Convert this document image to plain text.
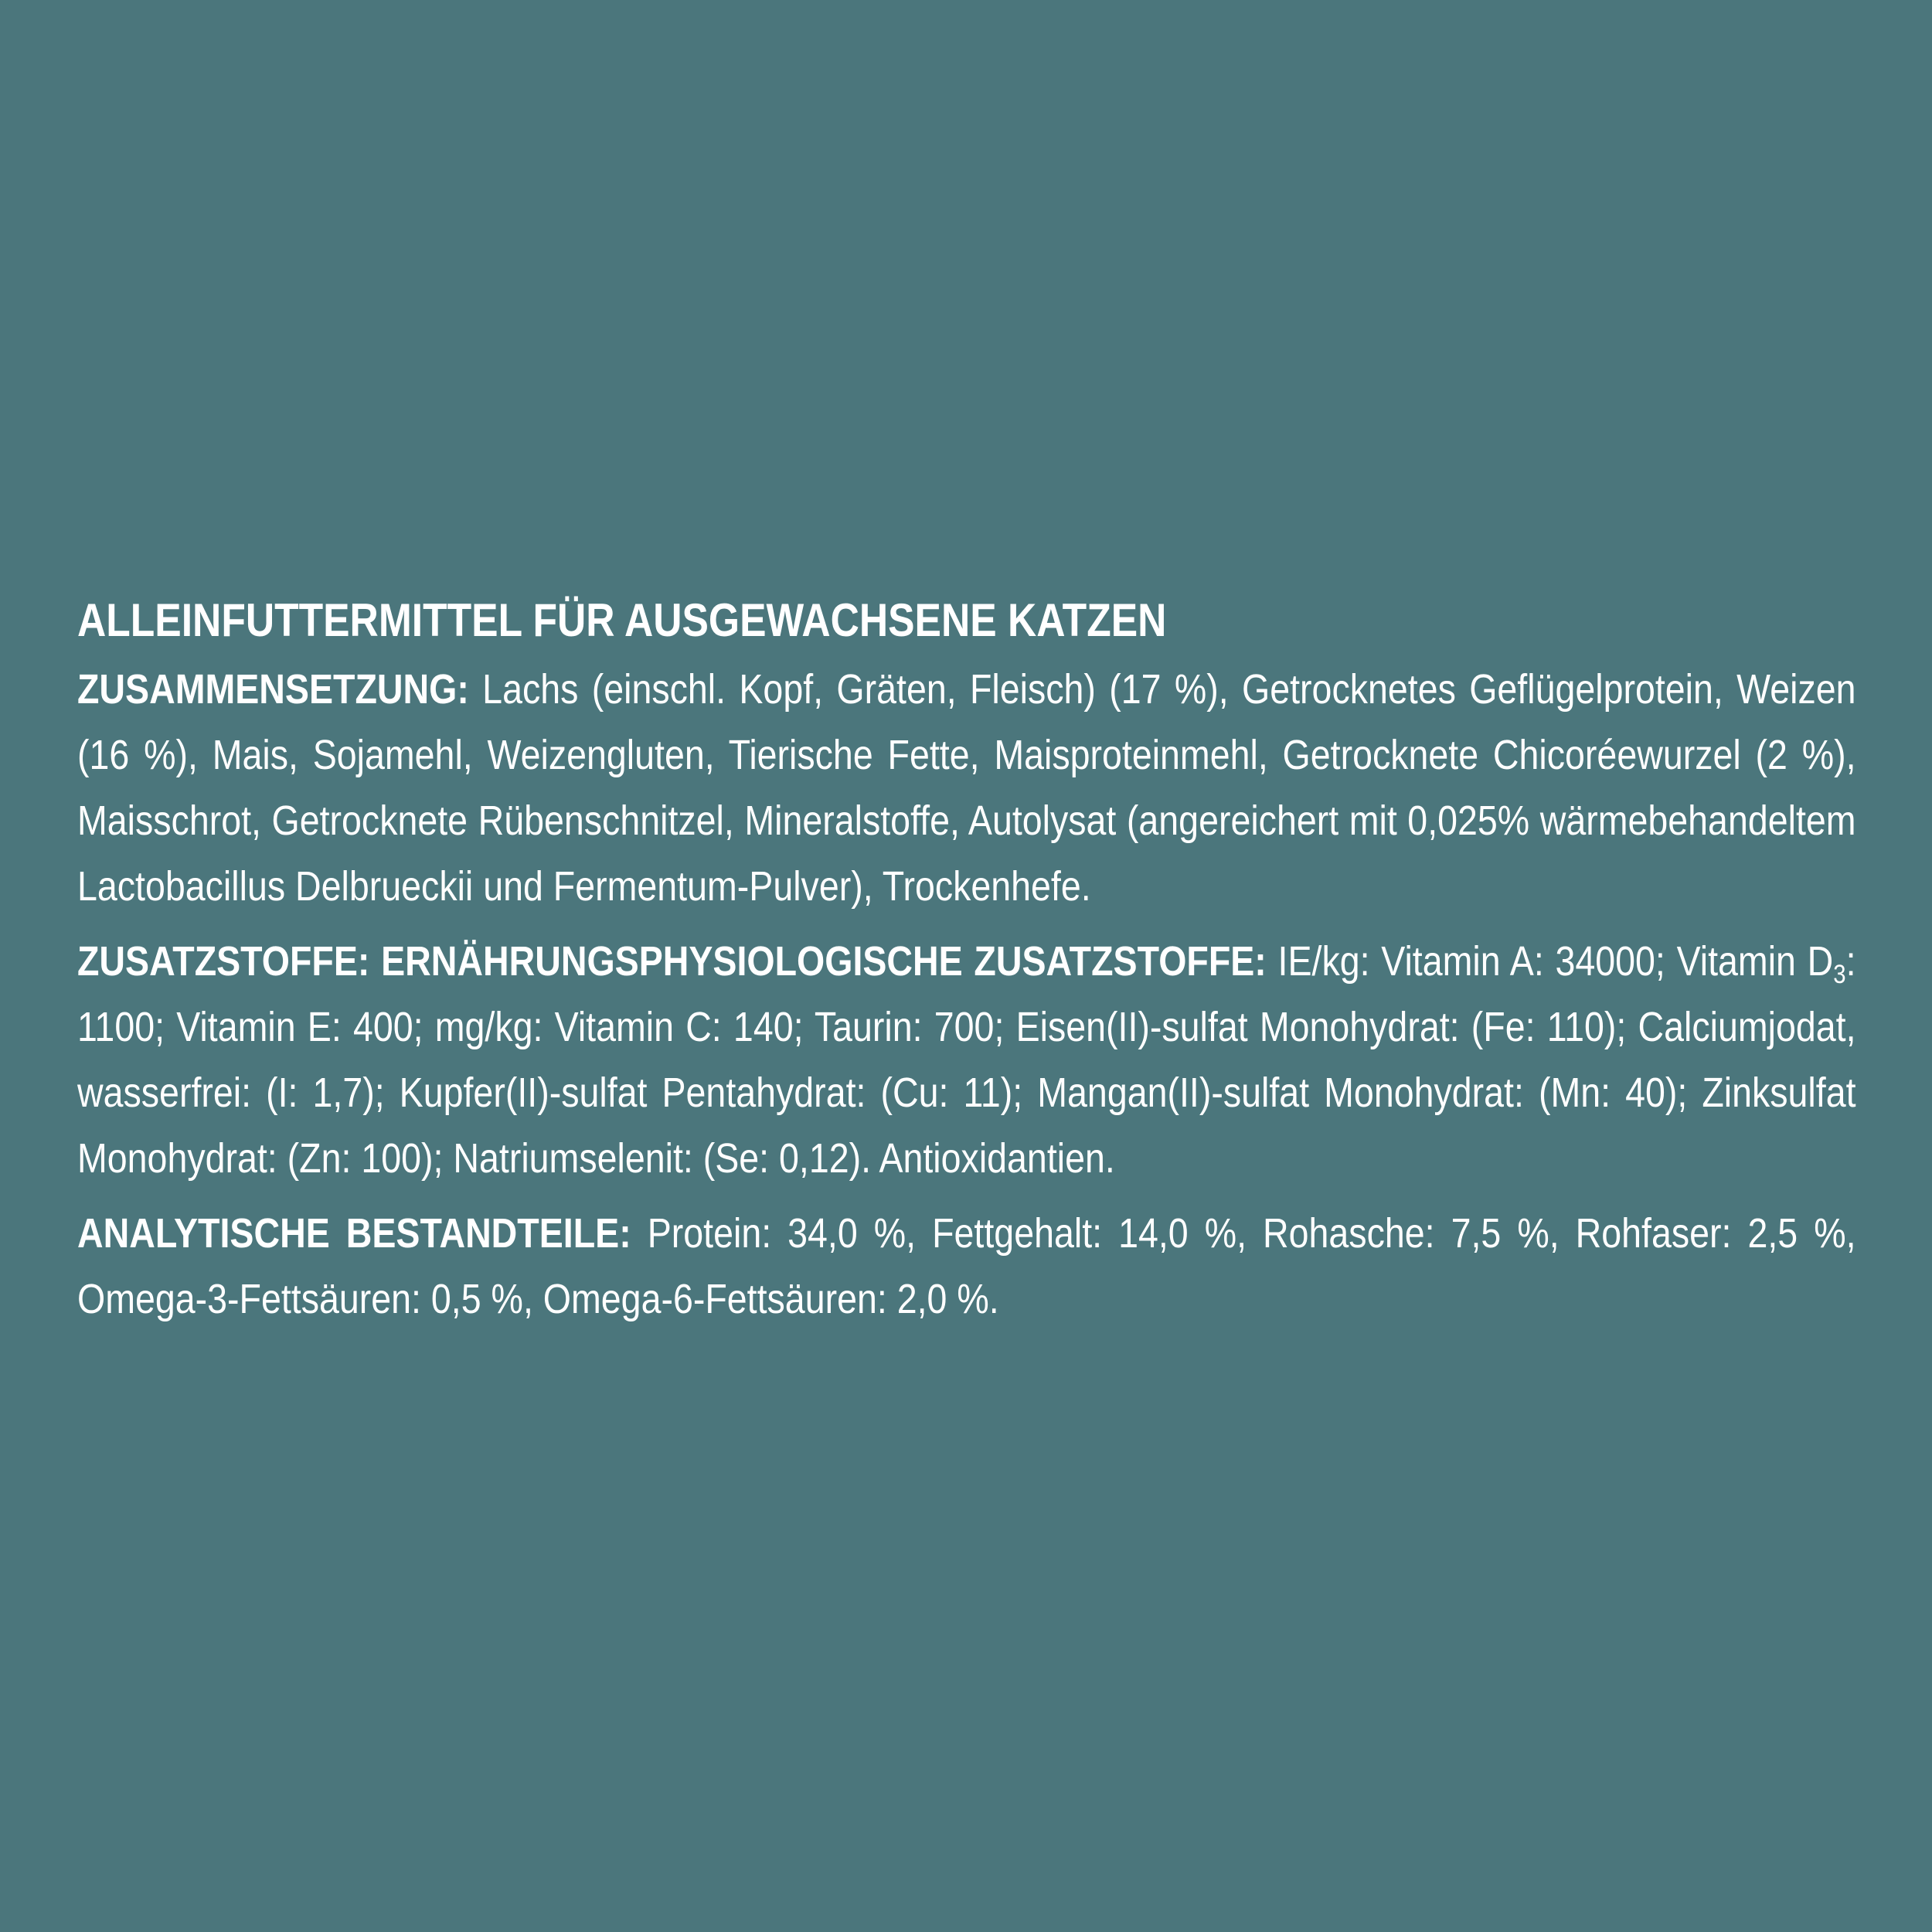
ALLEINFUTTERMITTEL FÜR AUSGEWACHSENE KATZEN

ZUSAMMENSETZUNG: Lachs (einschl. Kopf, Gräten, Fleisch) (17 %), Getrocknetes Geflügelprotein, Weizen (16 %), Mais, Sojamehl, Weizengluten, Tierische Fette, Maisproteinmehl, Getrocknete Chicoréewurzel (2 %), Maisschrot, Getrocknete Rübenschnitzel, Mineralstoffe, Autolysat (angereichert mit 0,025% wärmebehandeltem Lactobacillus Delbrueckii und Fermentum-Pulver), Trockenhefe.

ZUSATZSTOFFE: ERNÄHRUNGSPHYSIOLOGISCHE ZUSATZSTOFFE: IE/kg: Vitamin A: 34000; Vitamin $D_3$: 1100; Vitamin E: 400; mg/kg: Vitamin C: 140; Taurin: 700; Eisen(II)-sulfat Monohydrat: (Fe: 110); Calciumjodat, wasserfrei: (I: 1,7); Kupfer(II)-sulfat Pentahydrat: (Cu: 11); Mangan(II)-sulfat Monohydrat: (Mn: 40); Zinksulfat Monohydrat: (Zn: 100); Natriumselenit: (Se: 0,12). Antioxidantien.

ANALYTISCHE BESTANDTEILE: Protein: 34,0 %, Fettgehalt: 14,0 %, Rohasche: 7,5 %, Rohfaser: 2,5 %, Omega-3-Fettsäuren: 0,5 %, Omega-6-Fettsäuren: 2,0 %.
